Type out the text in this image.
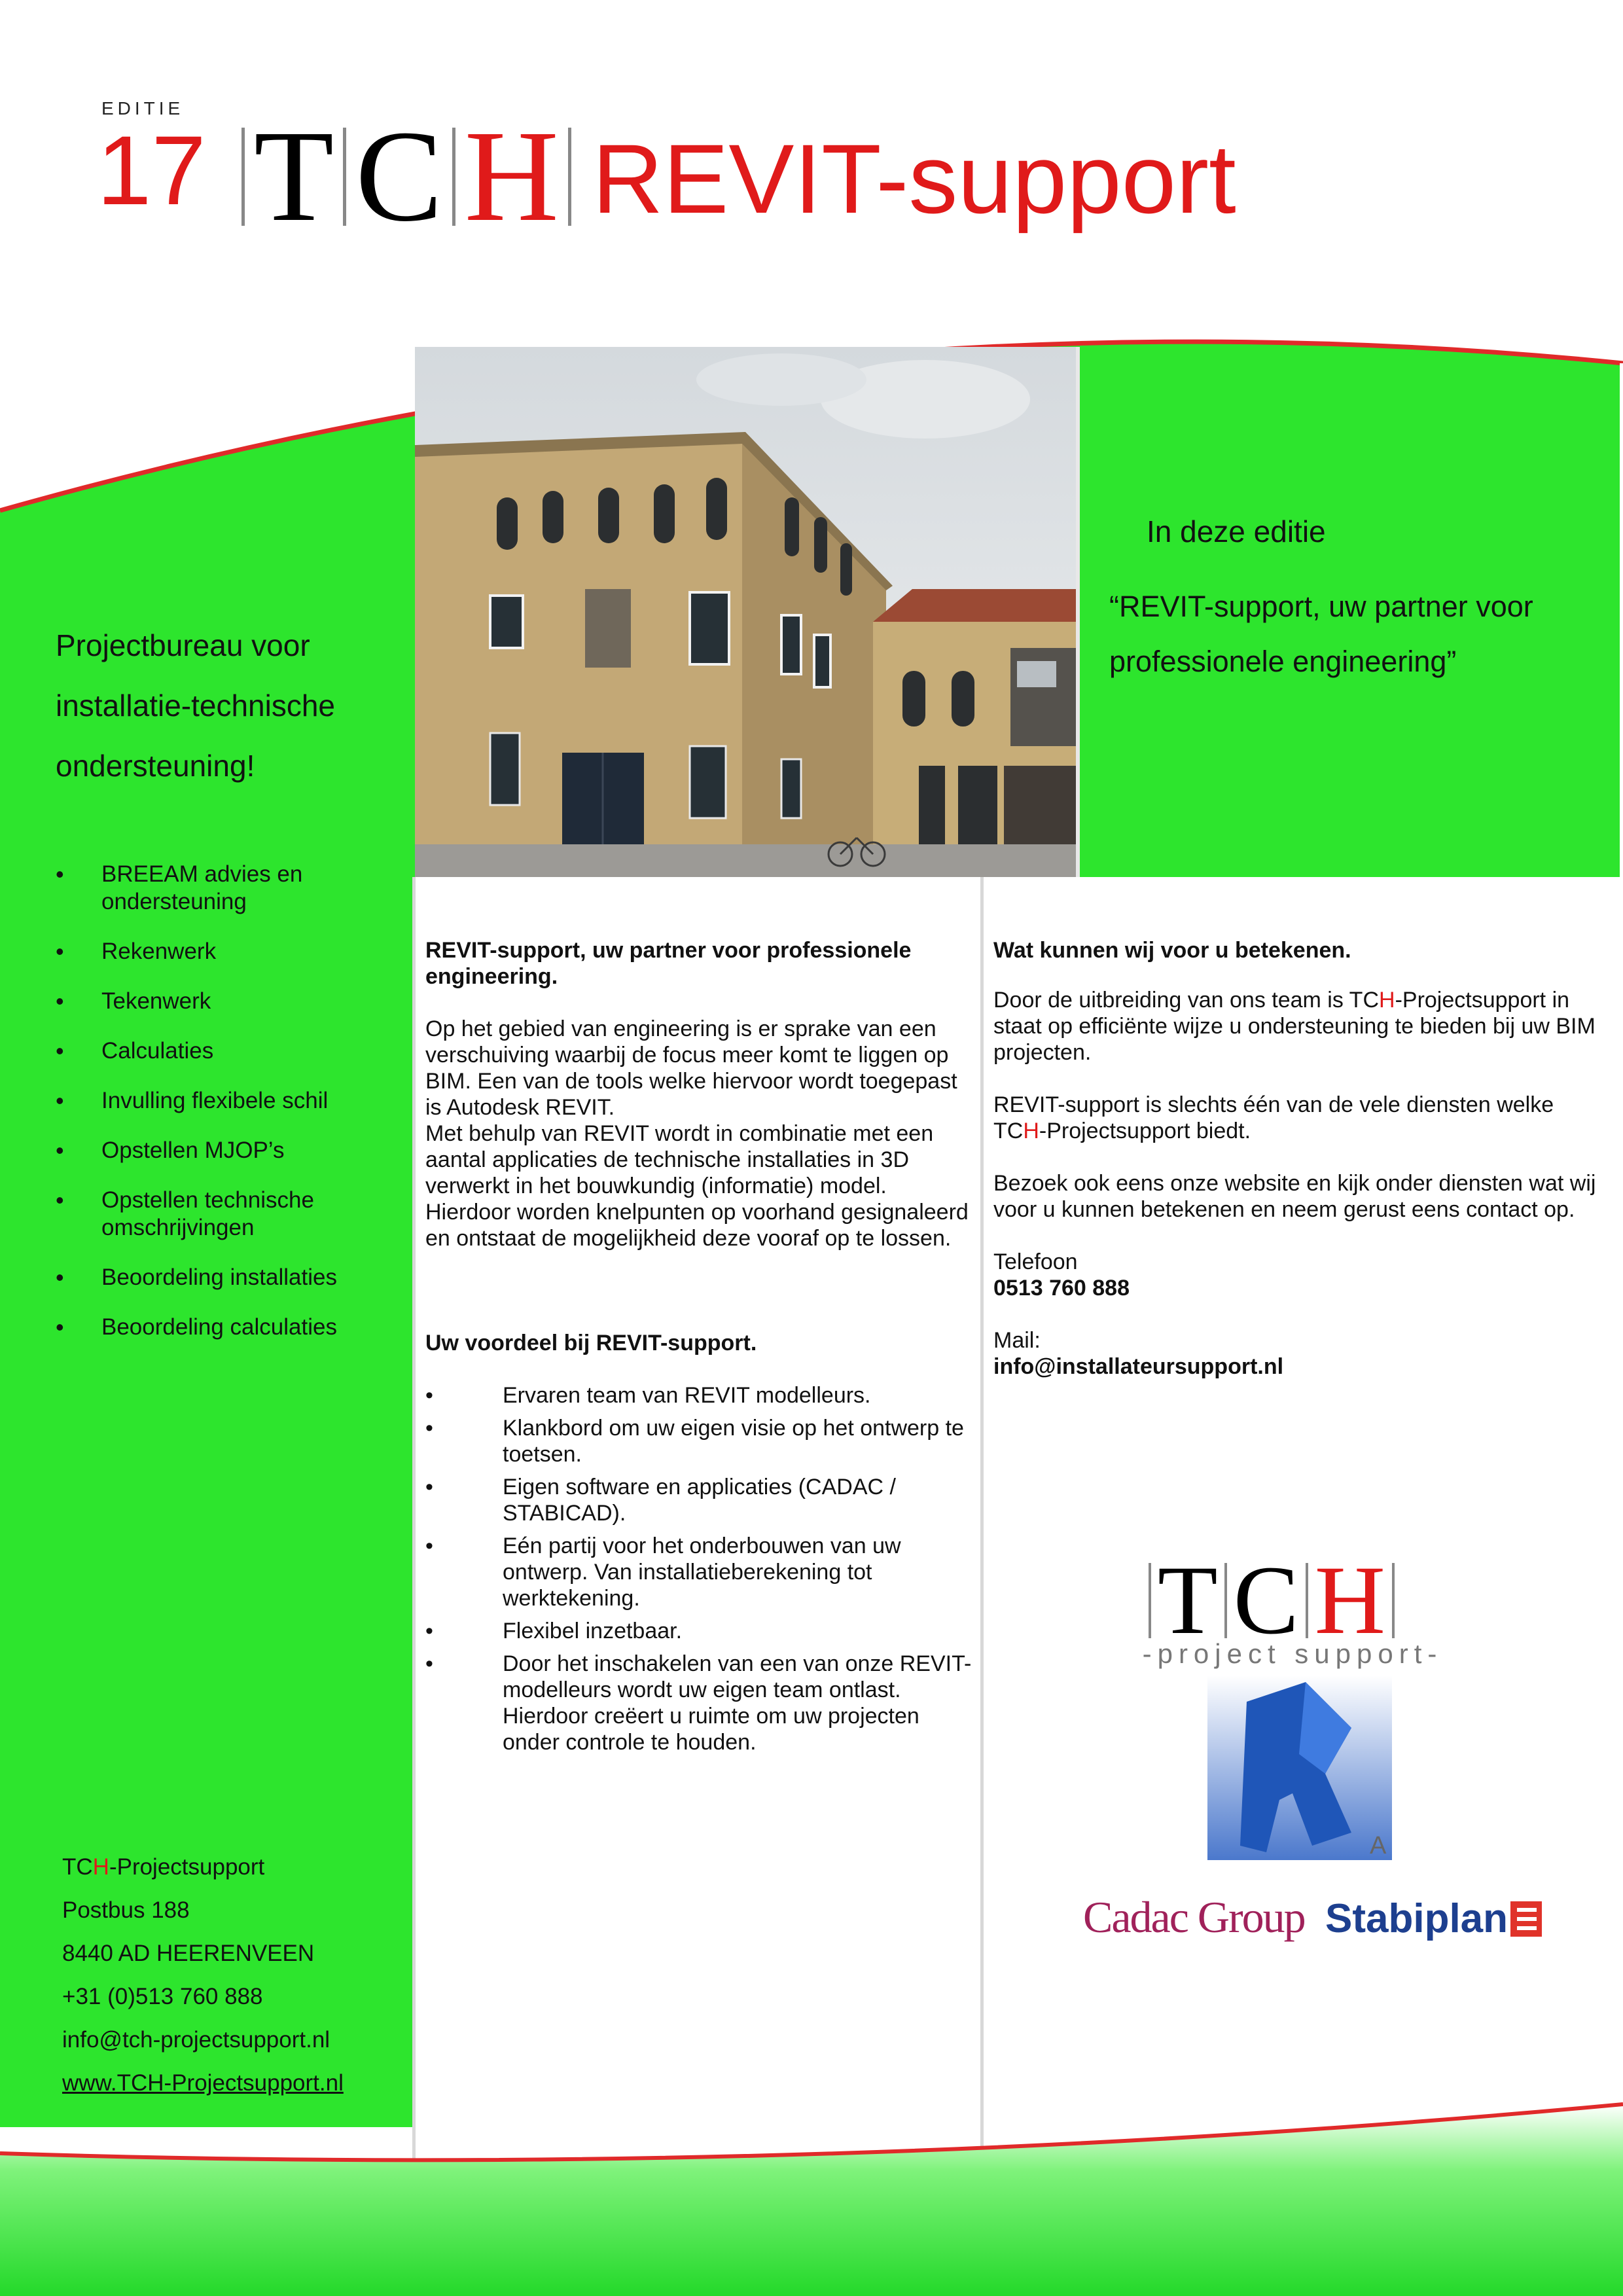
EDITIE
17 T C H REVIT-support
Projectbureau voor
installatie-technische
ondersteuning!
• BREEAM advies en ondersteuning
• Rekenwerk
• Tekenwerk
• Calculaties
• Invulling flexibele schil
• Opstellen MJOP’s
• Opstellen technische omschrijvingen
• Beoordeling installaties
• Beoordeling calculaties
TCH-Projectsupport
Postbus 188
8440 AD HEERENVEEN
+31 (0)513 760 888
info@tch-projectsupport.nl
www.TCH-Projectsupport.nl
In deze editie
“REVIT-support, uw partner voor professionele engineering”

REVIT-support, uw partner voor professionele engineering.

Op het gebied van engineering is er sprake van een verschuiving waarbij de focus meer komt te liggen op BIM. Een van de tools welke hiervoor wordt toegepast is Autodesk REVIT.

Met behulp van REVIT wordt in combinatie met een aantal applicaties de technische installaties in 3D verwerkt in het bouwkundig (informatie) model. Hierdoor worden knelpunten op voorhand gesignaleerd en ontstaat de mogelijkheid deze vooraf op te lossen.

Uw voordeel bij REVIT-support.

• Ervaren team van REVIT modelleurs.
• Klankbord om uw eigen visie op het ontwerp te toetsen.
• Eigen software en applicaties (CADAC / STABICAD).
• Eén partij voor het onderbouwen van uw ontwerp. Van installatieberekening tot werktekening.
• Flexibel inzetbaar.
• Door het inschakelen van een van onze REVIT-modelleurs wordt uw eigen team ontlast. Hierdoor creëert u ruimte om uw projecten onder controle te houden.

Wat kunnen wij voor u betekenen.

Door de uitbreiding van ons team is TCH-Projectsupport in staat op efficiënte wijze u ondersteuning te bieden bij uw BIM projecten.

REVIT-support is slechts één van de vele diensten welke TCH-Projectsupport biedt.

Bezoek ook eens onze website en kijk onder diensten wat wij voor u kunnen betekenen en neem gerust eens contact op.

Telefoon

0513 760 888

Mail:

info@installateursupport.nl

T C H
-project support-
A
Cadac Group Stabiplan
